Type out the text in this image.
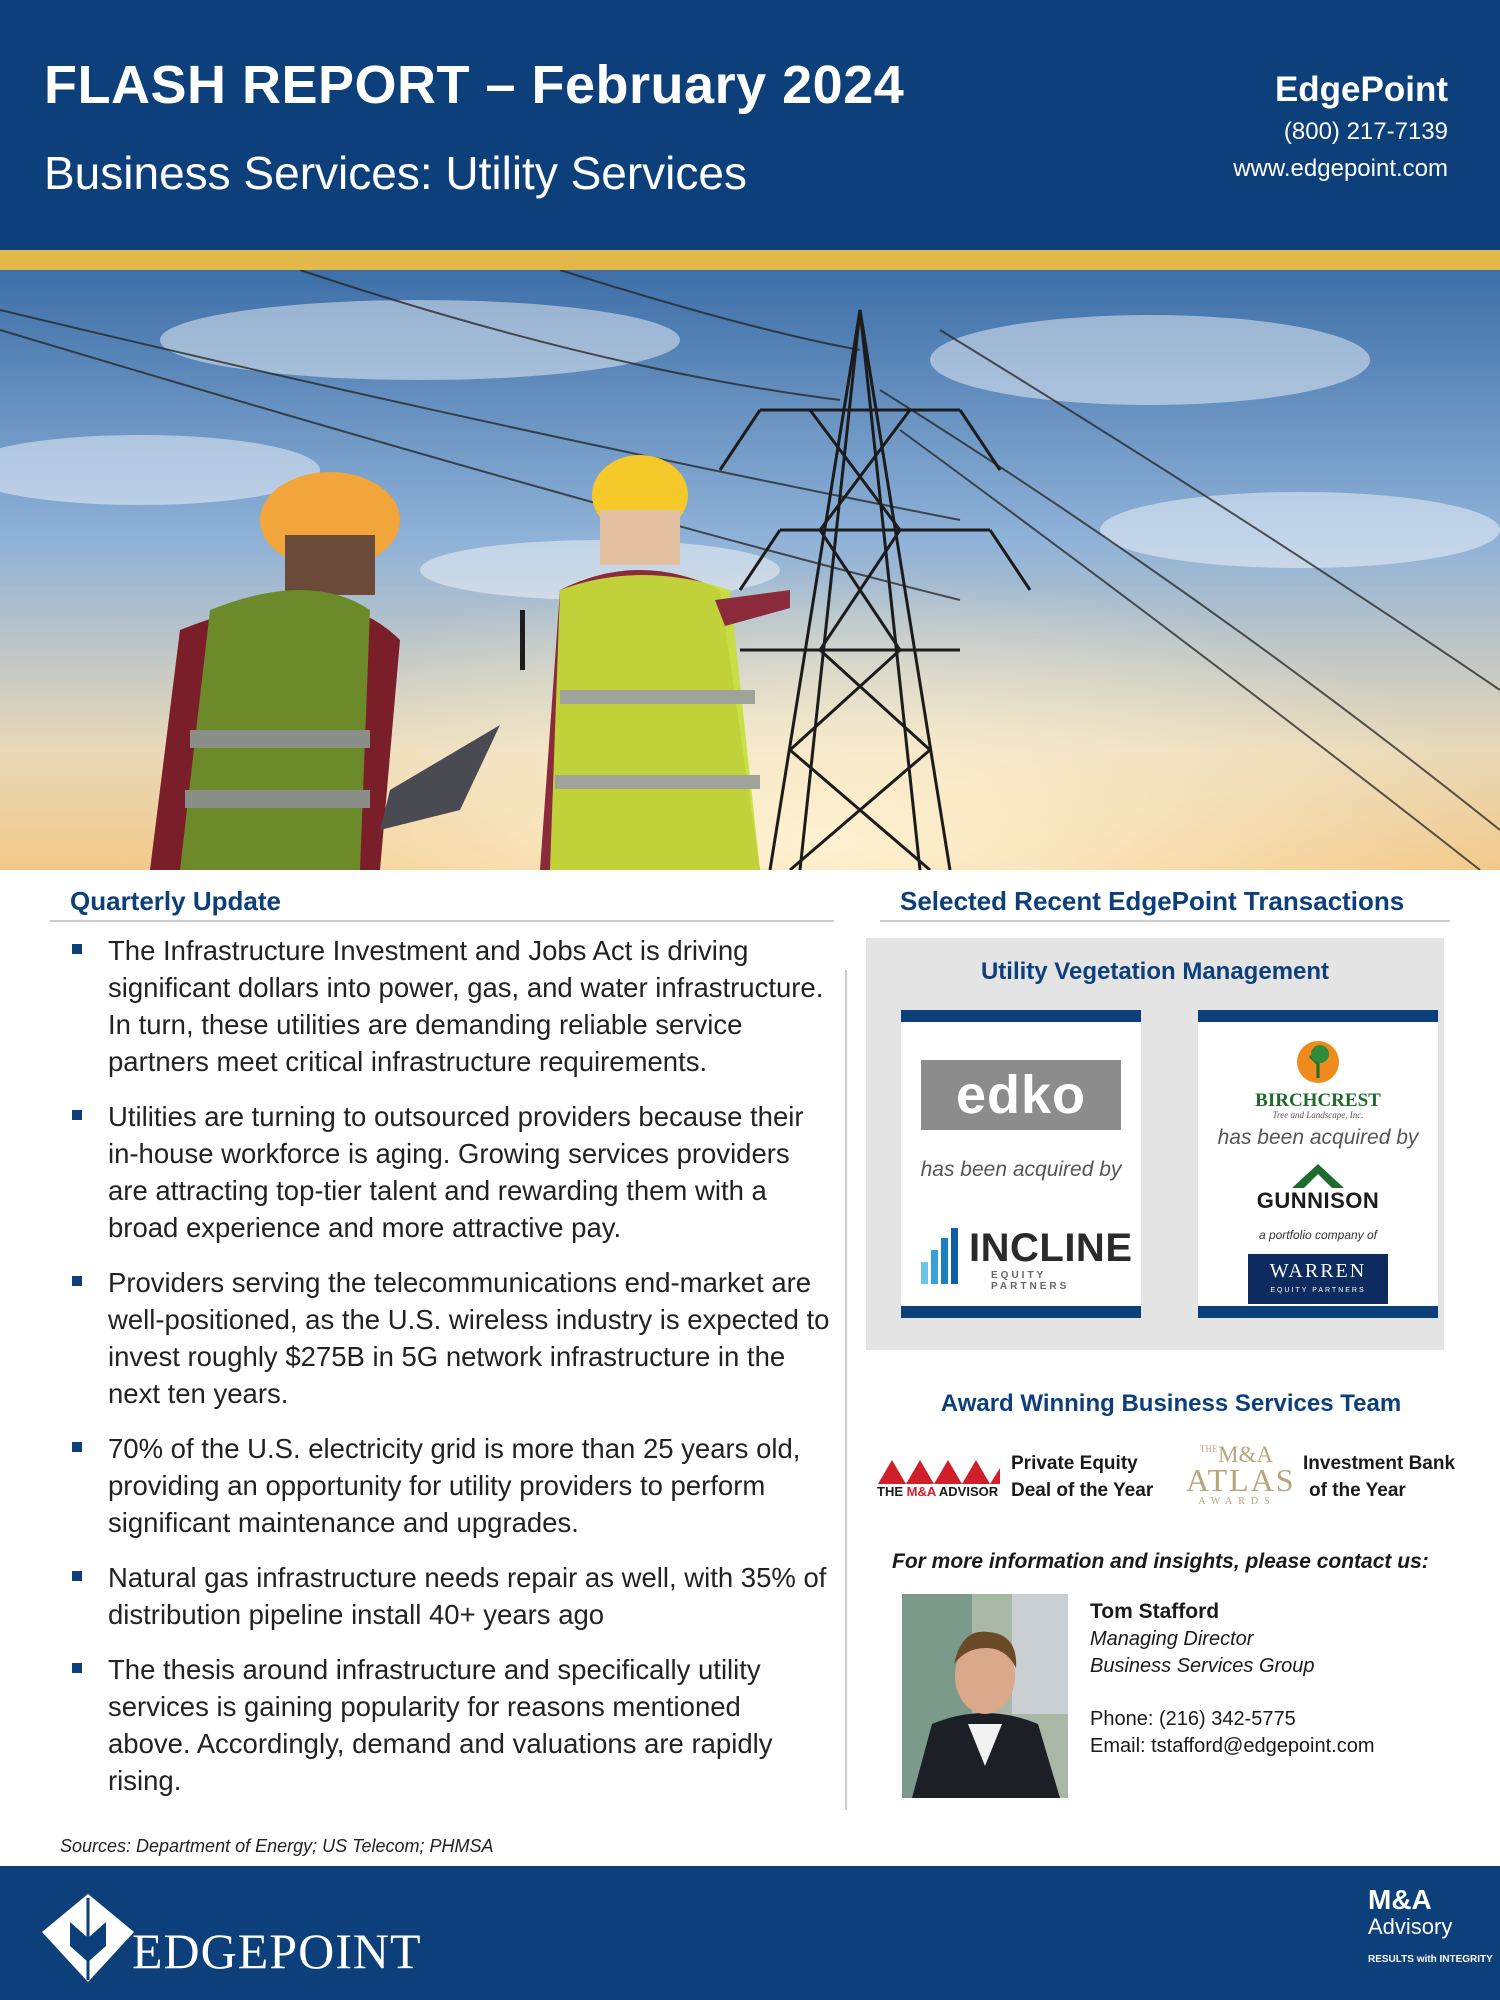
FLASH REPORT – February 2024
Business Services: Utility Services
EdgePoint
(800) 217-7139
www.edgepoint.com
Quarterly Update
The Infrastructure Investment and Jobs Act is driving significant dollars into power, gas, and water infrastructure. In turn, these utilities are demanding reliable service partners meet critical infrastructure requirements.
Utilities are turning to outsourced providers because their in-house workforce is aging. Growing services providers are attracting top-tier talent and rewarding them with a broad experience and more attractive pay.
Providers serving the telecommunications end-market are well-positioned, as the U.S. wireless industry is expected to invest roughly $275B in 5G network infrastructure in the next ten years.
70% of the U.S. electricity grid is more than 25 years old, providing an opportunity for utility providers to perform significant maintenance and upgrades.
Natural gas infrastructure needs repair as well, with 35% of distribution pipeline install 40+ years ago
The thesis around infrastructure and specifically utility services is gaining popularity for reasons mentioned above. Accordingly, demand and valuations are rapidly rising.
Sources: Department of Energy; US Telecom; PHMSA
Selected Recent EdgePoint Transactions
Utility Vegetation Management
edko
has been acquired by
INCLINE
EQUITY PARTNERS
BIRCHCREST
Tree and Landscape, Inc.
has been acquired by
GUNNISON
a portfolio company of
WARREN
EQUITY PARTNERS
Award Winning Business Services Team
THE M&A ADVISOR
Private Equity
Deal of the Year
THE M&A
ATLAS
AWARDS
Investment Bank
of the Year
For more information and insights, please contact us:
Tom Stafford
Managing Director
Business Services Group
Phone: (216) 342-5775
Email: tstafford@edgepoint.com
EDGEPOINT
M&A
Advisory
RESULTS with INTEGRITY
